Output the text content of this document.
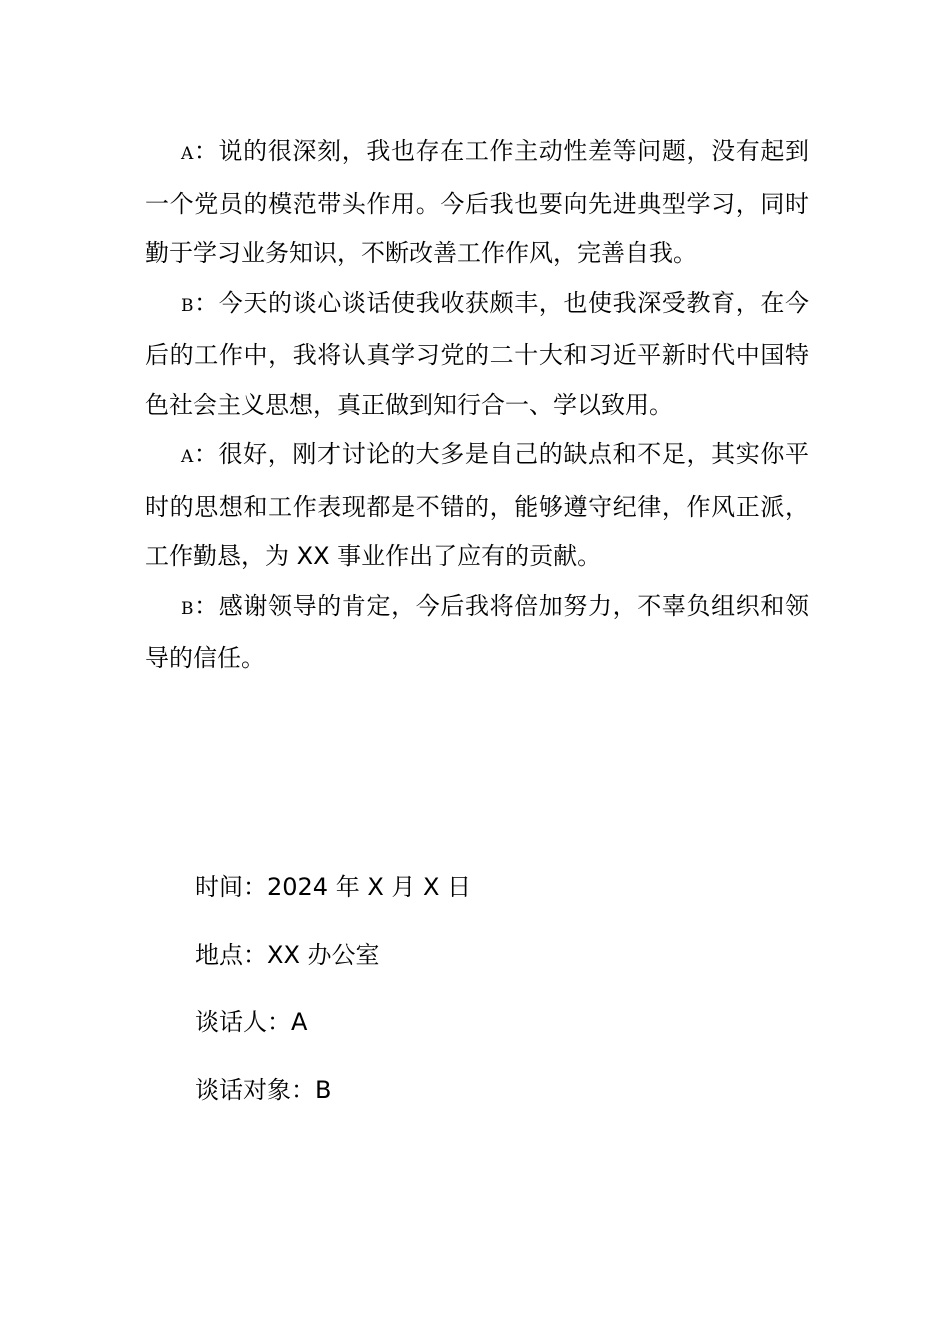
A：说的很深刻，我也存在工作主动性差等问题，没有起到一个党员的模范带头作用。今后我也要向先进典型学习，同时勤于学习业务知识，不断改善工作作风，完善自我。

B：今天的谈心谈话使我收获颇丰，也使我深受教育，在今后的工作中，我将认真学习党的二十大和习近平新时代中国特色社会主义思想，真正做到知行合一、学以致用。

A：很好，刚才讨论的大多是自己的缺点和不足，其实你平时的思想和工作表现都是不错的，能够遵守纪律，作风正派，工作勤恳，为 XX 事业作出了应有的贡献。

B：感谢领导的肯定，今后我将倍加努力，不辜负组织和领导的信任。

时间：2024 年 X 月 X 日

地点：XX 办公室

谈话人：A

谈话对象：B
